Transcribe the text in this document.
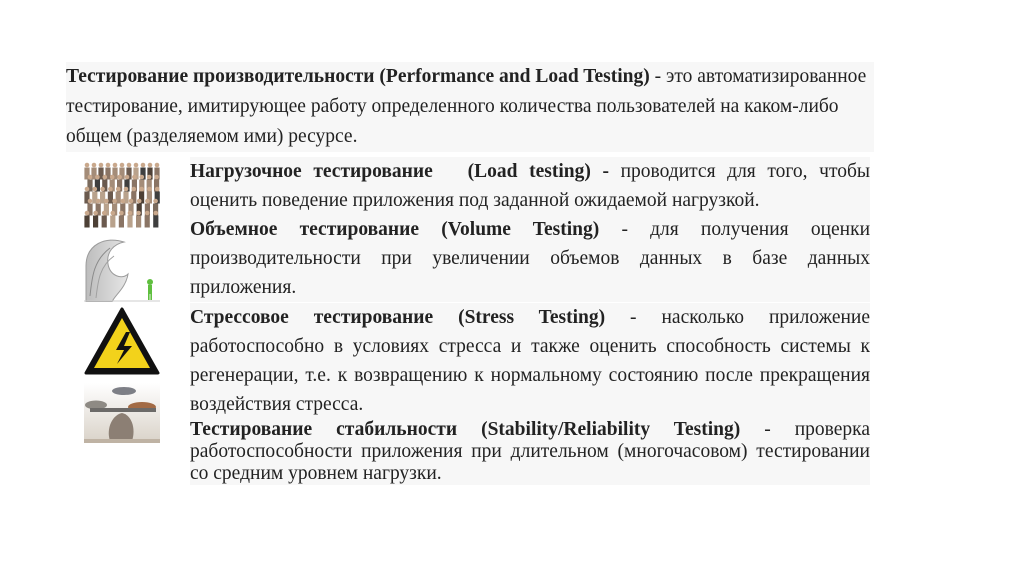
Тестирование производительности (Performance and Load Testing) - это автоматизированное тестирование, имитирующее работу определенного количества пользователей на каком-либо общем (разделяемом ими) ресурсе.
Нагрузочное тестирование (Load testing) - проводится для того, чтобы оценить поведение приложения под заданной ожидаемой нагрузкой.
Объемное тестирование (Volume Testing) - для получения оценки производительности при увеличении объемов данных в базе данных приложения.
Стрессовое тестирование (Stress Testing) - насколько приложение работоспособно в условиях стресса и также оценить способность системы к регенерации, т.е. к возвращению к нормальному состоянию после прекращения воздействия стресса.
Тестирование стабильности (Stability/Reliability Testing) - проверка работоспособности приложения при длительном (многочасовом) тестировании со средним уровнем нагрузки.
